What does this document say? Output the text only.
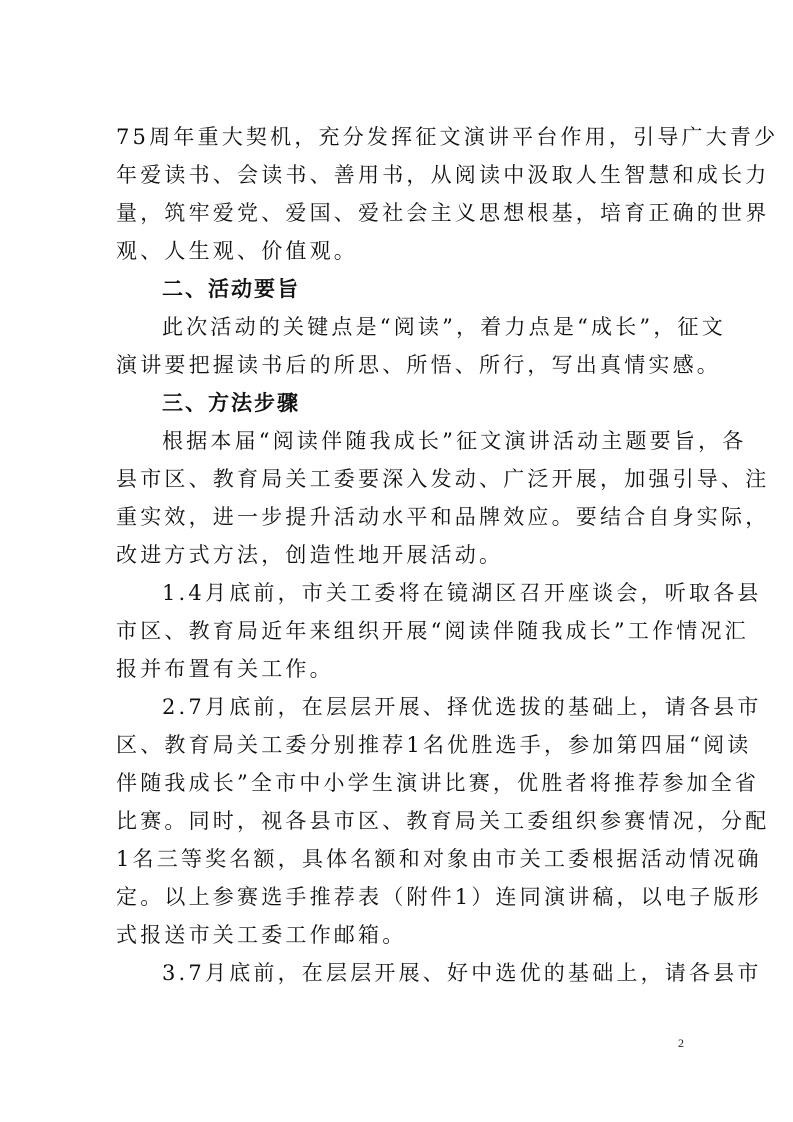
75周年重大契机，充分发挥征文演讲平台作用，引导广大青少
年爱读书、会读书、善用书，从阅读中汲取人生智慧和成长力
量，筑牢爱党、爱国、爱社会主义思想根基，培育正确的世界
观、人生观、价值观。
二、活动要旨
此次活动的关键点是“阅读”，着力点是“成长”，征文
演讲要把握读书后的所思、所悟、所行，写出真情实感。
三、方法步骤
根据本届“阅读伴随我成长”征文演讲活动主题要旨，各
县市区、教育局关工委要深入发动、广泛开展，加强引导、注
重实效，进一步提升活动水平和品牌效应。要结合自身实际，
改进方式方法，创造性地开展活动。
1.4月底前，市关工委将在镜湖区召开座谈会，听取各县
市区、教育局近年来组织开展“阅读伴随我成长”工作情况汇
报并布置有关工作。
2.7月底前，在层层开展、择优选拔的基础上，请各县市
区、教育局关工委分别推荐1名优胜选手，参加第四届“阅读
伴随我成长”全市中小学生演讲比赛，优胜者将推荐参加全省
比赛。同时，视各县市区、教育局关工委组织参赛情况，分配
1名三等奖名额，具体名额和对象由市关工委根据活动情况确
定。以上参赛选手推荐表（附件1）连同演讲稿，以电子版形
式报送市关工委工作邮箱。
3.7月底前，在层层开展、好中选优的基础上，请各县市
2
